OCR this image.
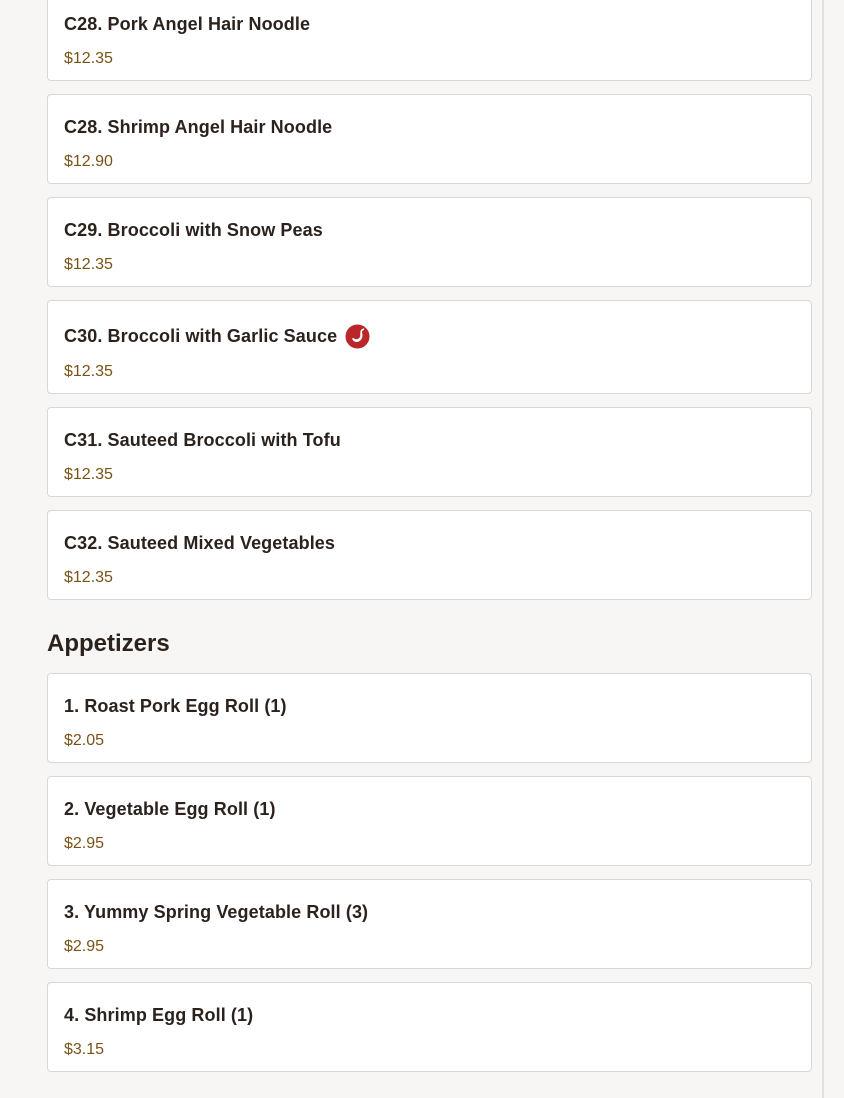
C28. Pork Angel Hair Noodle
$12.35
C28. Shrimp Angel Hair Noodle
$12.90
C29. Broccoli with Snow Peas
$12.35
C30. Broccoli with Garlic Sauce
$12.35
C31. Sauteed Broccoli with Tofu
$12.35
C32. Sauteed Mixed Vegetables
$12.35
Appetizers
1. Roast Pork Egg Roll (1)
$2.05
2. Vegetable Egg Roll (1)
$2.95
3. Yummy Spring Vegetable Roll (3)
$2.95
4. Shrimp Egg Roll (1)
$3.15
